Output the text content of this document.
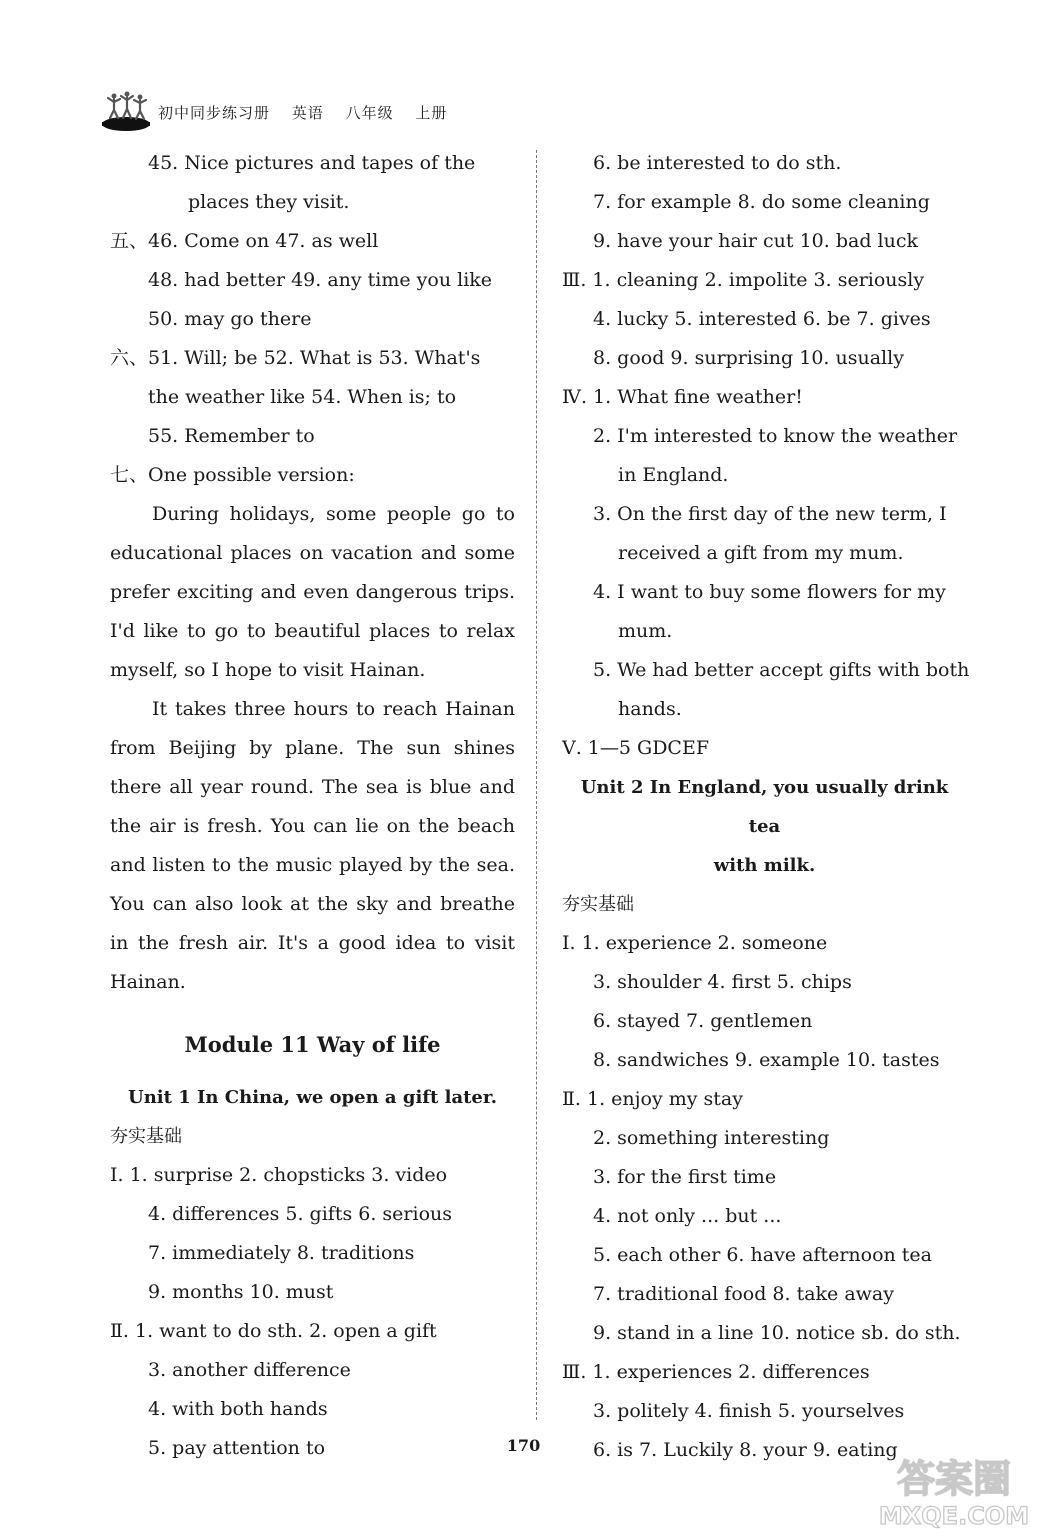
初中同步练习册 英语 八年级 上册
45. Nice pictures and tapes of the
places they visit.
五、46. Come on 47. as well
48. had better 49. any time you like
50. may go there
六、51. Will; be 52. What is 53. What's
the weather like 54. When is; to
55. Remember to
七、One possible version:

During holidays, some people go to educational places on vacation and some prefer exciting and even dangerous trips. I'd like to go to beautiful places to relax myself, so I hope to visit Hainan.

It takes three hours to reach Hainan from Beijing by plane. The sun shines there all year round. The sea is blue and the air is fresh. You can lie on the beach and listen to the music played by the sea. You can also look at the sky and breathe in the fresh air. It's a good idea to visit Hainan.

Module 11 Way of life
Unit 1 In China, we open a gift later.
夯实基础
Ⅰ. 1. surprise 2. chopsticks 3. video
4. differences 5. gifts 6. serious
7. immediately 8. traditions
9. months 10. must
Ⅱ. 1. want to do sth. 2. open a gift
3. another difference
4. with both hands
5. pay attention to
6. be interested to do sth.
7. for example 8. do some cleaning
9. have your hair cut 10. bad luck
Ⅲ. 1. cleaning 2. impolite 3. seriously
4. lucky 5. interested 6. be 7. gives
8. good 9. surprising 10. usually
Ⅳ. 1. What fine weather!
2. I'm interested to know the weather
in England.
3. On the first day of the new term, I
received a gift from my mum.
4. I want to buy some flowers for my
mum.
5. We had better accept gifts with both
hands.
Ⅴ. 1—5 GDCEF
Unit 2 In England, you usually drink tea
with milk.
夯实基础
Ⅰ. 1. experience 2. someone
3. shoulder 4. first 5. chips
6. stayed 7. gentlemen
8. sandwiches 9. example 10. tastes
Ⅱ. 1. enjoy my stay
2. something interesting
3. for the first time
4. not only ... but ...
5. each other 6. have afternoon tea
7. traditional food 8. take away
9. stand in a line 10. notice sb. do sth.
Ⅲ. 1. experiences 2. differences
3. politely 4. finish 5. yourselves
6. is 7. Luckily 8. your 9. eating
170
答案圈
MXQE.COM
